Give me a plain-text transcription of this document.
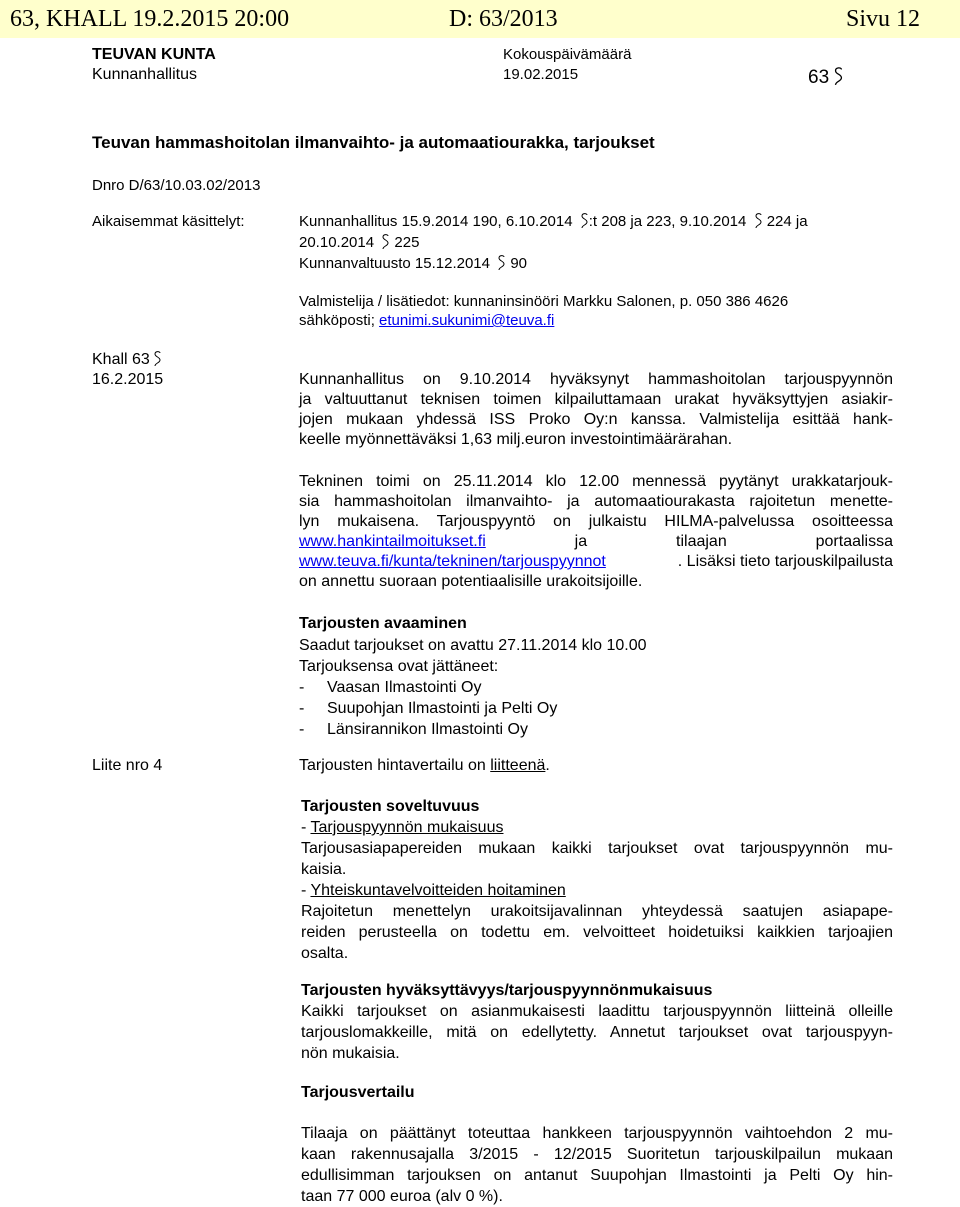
63, KHALL 19.2.2015 20:00	D: 63/2013	Sivu 12
TEUVAN KUNTA
Kunnanhallitus
Kokouspäivämäärä
19.02.2015	63
Teuvan hammashoitolan ilmanvaihto- ja automaatiourakka, tarjoukset
Dnro D/63/10.03.02/2013
Aikaisemmat käsittelyt:	Kunnanhallitus 15.9.2014 190, 6.10.2014 :t 208 ja 223, 9.10.2014  224 ja
20.10.2014  225
Kunnanvaltuusto 15.12.2014  90
Valmistelija / lisätiedot: kunnaninsinööri Markku Salonen, p. 050 386 4626
sähköposti; etunimi.sukunimi@teuva.fi
Khall 63
16.2.2015	Kunnanhallitus on 9.10.2014 hyväksynyt hammashoitolan tarjouspyynnön
ja valtuuttanut teknisen toimen kilpailuttamaan urakat hyväksyttyjen asiakir-
jojen mukaan yhdessä ISS Proko Oy:n kanssa. Valmistelija esittää hank-
keelle myönnettäväksi 1,63 milj.euron investointimäärärahan.
Tekninen toimi on 25.11.2014 klo 12.00 mennessä pyytänyt urakkatarjouk-
sia hammashoitolan ilmanvaihto- ja automaatiourakasta rajoitetun menette-
lyn mukaisena. Tarjouspyyntö on julkaistu HILMA-palvelussa osoitteessa
www.hankintailmoitukset.fi	ja	tilaajan	portaalissa
www.teuva.fi/kunta/tekninen/tarjouspyynnot	. Lisäksi tieto tarjouskilpailusta
on annettu suoraan potentiaalisille urakoitsijoille.
Tarjousten avaaminen
Saadut tarjoukset on avattu 27.11.2014 klo 10.00
Tarjouksensa ovat jättäneet:
- Vaasan Ilmastointi Oy
- Suupohjan Ilmastointi ja Pelti Oy
- Länsirannikon Ilmastointi Oy
Liite nro 4	Tarjousten hintavertailu on liitteenä.
Tarjousten soveltuvuus
- Tarjouspyynnön mukaisuus
Tarjousasiapapereiden mukaan kaikki tarjoukset ovat tarjouspyynnön mu-
kaisia.
- Yhteiskuntavelvoitteiden hoitaminen
Rajoitetun menettelyn urakoitsijavalinnan yhteydessä saatujen asiapape-
reiden perusteella on todettu em. velvoitteet hoidetuiksi kaikkien tarjoajien
osalta.
Tarjousten hyväksyttävyys/tarjouspyynnönmukaisuus
Kaikki tarjoukset on asianmukaisesti laadittu tarjouspyynnön liitteinä olleille
tarjouslomakkeille, mitä on edellytetty. Annetut tarjoukset ovat tarjouspyyn-
nön mukaisia.
Tarjousvertailu
Tilaaja on päättänyt toteuttaa hankkeen tarjouspyynnön vaihtoehdon 2 mu-
kaan rakennusajalla 3/2015 - 12/2015 Suoritetun tarjouskilpailun mukaan
edullisimman tarjouksen on antanut Suupohjan Ilmastointi ja Pelti Oy hin-
taan 77 000 euroa (alv 0 %).
